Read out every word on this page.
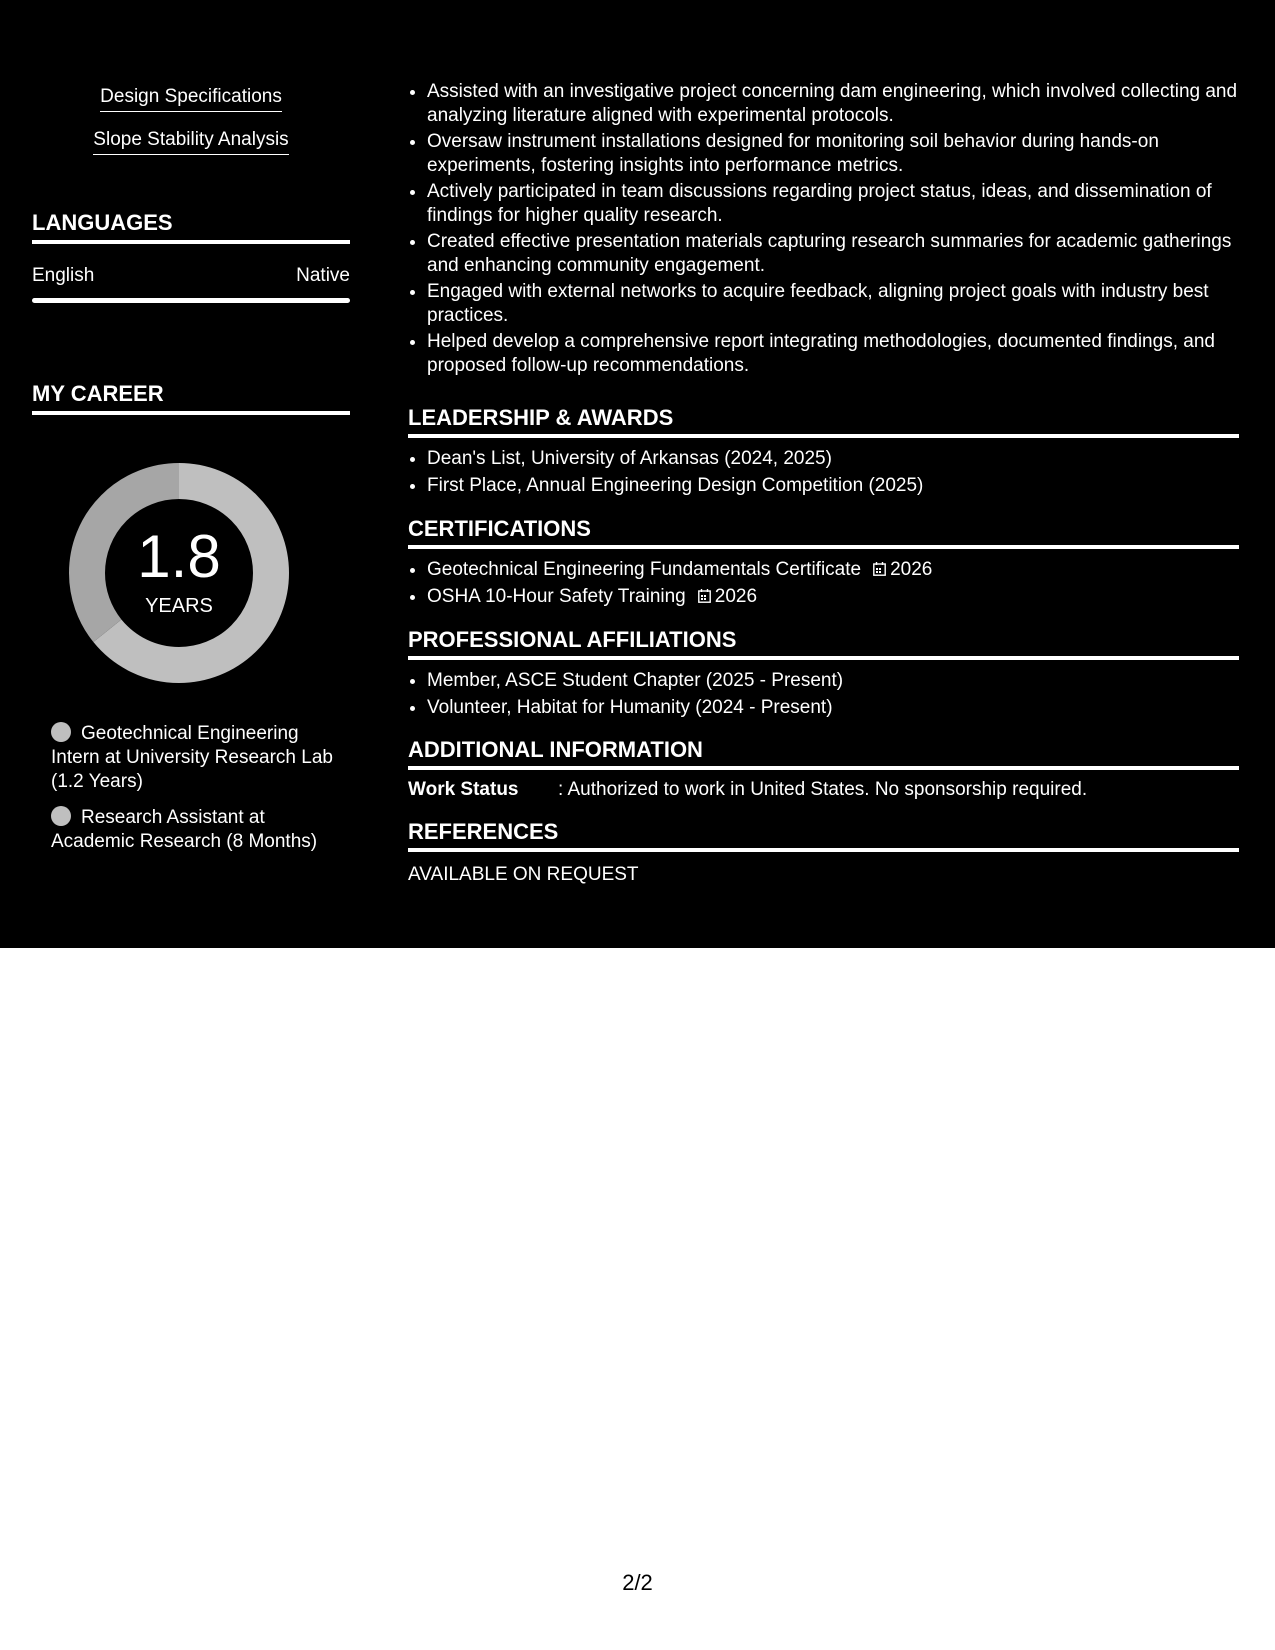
Design Specifications
Slope Stability Analysis
LANGUAGES
English	Native
MY CAREER
1.8
YEARS
Geotechnical Engineering Intern at University Research Lab (1.2 Years)
Research Assistant at Academic Research (8 Months)
• Assisted with an investigative project concerning dam engineering, which involved collecting and analyzing literature aligned with experimental protocols.
• Oversaw instrument installations designed for monitoring soil behavior during hands-on experiments, fostering insights into performance metrics.
• Actively participated in team discussions regarding project status, ideas, and dissemination of findings for higher quality research.
• Created effective presentation materials capturing research summaries for academic gatherings and enhancing community engagement.
• Engaged with external networks to acquire feedback, aligning project goals with industry best practices.
• Helped develop a comprehensive report integrating methodologies, documented findings, and proposed follow-up recommendations.
LEADERSHIP & AWARDS
• Dean's List, University of Arkansas (2024, 2025)
• First Place, Annual Engineering Design Competition (2025)
CERTIFICATIONS
• Geotechnical Engineering Fundamentals Certificate 2026
• OSHA 10-Hour Safety Training 2026
PROFESSIONAL AFFILIATIONS
• Member, ASCE Student Chapter (2025 - Present)
• Volunteer, Habitat for Humanity (2024 - Present)
ADDITIONAL INFORMATION
Work Status : Authorized to work in United States. No sponsorship required.
REFERENCES
AVAILABLE ON REQUEST
2/2
